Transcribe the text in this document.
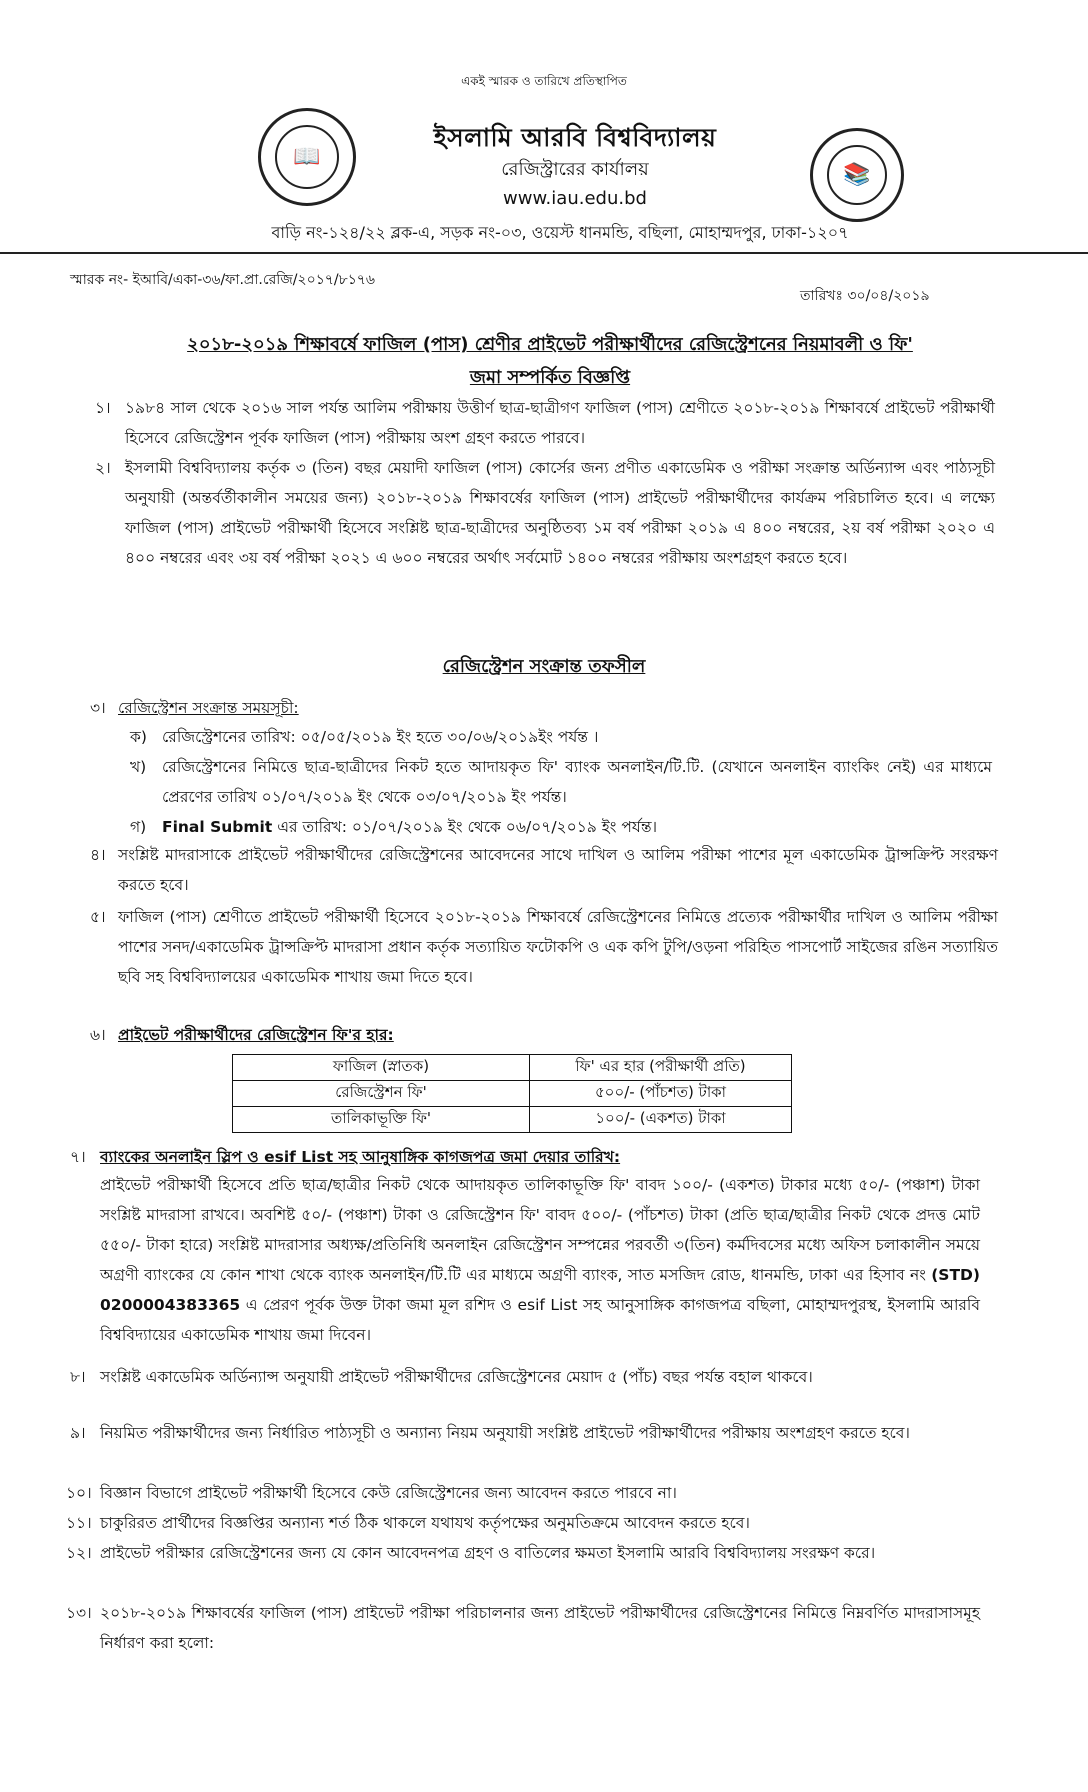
একই স্মারক ও তারিখে প্রতিস্থাপিত
📖
📚
ইসলামি আরবি বিশ্ববিদ্যালয়
রেজিস্ট্রারের কার্যালয়
www.iau.edu.bd
বাড়ি নং-১২৪/২২ ব্লক-এ, সড়ক নং-০৩, ওয়েস্ট ধানমন্ডি, বছিলা, মোহাম্মদপুর, ঢাকা-১২০৭
স্মারক নং- ইআবি/একা-৩৬/ফা.প্রা.রেজি/২০১৭/৮১৭৬
তারিখঃ ৩০/০৪/২০১৯
২০১৮-২০১৯ শিক্ষাবর্ষে ফাজিল (পাস) শ্রেণীর প্রাইভেট পরীক্ষার্থীদের রেজিস্ট্রেশনের নিয়মাবলী ও ফি'
জমা সম্পর্কিত বিজ্ঞপ্তি
১। ১৯৮৪ সাল থেকে ২০১৬ সাল পর্যন্ত আলিম পরীক্ষায় উত্তীর্ণ ছাত্র-ছাত্রীগণ ফাজিল (পাস) শ্রেণীতে ২০১৮-২০১৯ শিক্ষাবর্ষে প্রাইভেট পরীক্ষার্থী হিসেবে রেজিস্ট্রেশন পূর্বক ফাজিল (পাস) পরীক্ষায় অংশ গ্রহণ করতে পারবে।
২। ইসলামী বিশ্ববিদ্যালয় কর্তৃক ৩ (তিন) বছর মেয়াদী ফাজিল (পাস) কোর্সের জন্য প্রণীত একাডেমিক ও পরীক্ষা সংক্রান্ত অর্ডিন্যান্স এবং পাঠ্যসূচী অনুযায়ী (অন্তর্বর্তীকালীন সময়ের জন্য) ২০১৮-২০১৯ শিক্ষাবর্ষের ফাজিল (পাস) প্রাইভেট পরীক্ষার্থীদের কার্যক্রম পরিচালিত হবে। এ লক্ষ্যে ফাজিল (পাস) প্রাইভেট পরীক্ষার্থী হিসেবে সংশ্লিষ্ট ছাত্র-ছাত্রীদের অনুষ্ঠিতব্য ১ম বর্ষ পরীক্ষা ২০১৯ এ ৪০০ নম্বরের, ২য় বর্ষ পরীক্ষা ২০২০ এ ৪০০ নম্বরের এবং ৩য় বর্ষ পরীক্ষা ২০২১ এ ৬০০ নম্বরের অর্থাৎ সর্বমোট ১৪০০ নম্বরের পরীক্ষায় অংশগ্রহণ করতে হবে।
রেজিস্ট্রেশন সংক্রান্ত তফসীল
৩। রেজিস্ট্রেশন সংক্রান্ত সময়সূচী:
ক) রেজিস্ট্রেশনের তারিখ: ০৫/০৫/২০১৯ ইং হতে ৩০/০৬/২০১৯ইং পর্যন্ত ।
খ) রেজিস্ট্রেশনের নিমিত্তে ছাত্র-ছাত্রীদের নিকট হতে আদায়কৃত ফি' ব্যাংক অনলাইন/টি.টি. (যেখানে অনলাইন ব্যাংকিং নেই) এর মাধ্যমে প্রেরণের তারিখ ০১/০৭/২০১৯ ইং থেকে ০৩/০৭/২০১৯ ইং পর্যন্ত।
গ) Final Submit এর তারিখ: ০১/০৭/২০১৯ ইং থেকে ০৬/০৭/২০১৯ ইং পর্যন্ত।
৪। সংশ্লিষ্ট মাদরাসাকে প্রাইভেট পরীক্ষার্থীদের রেজিস্ট্রেশনের আবেদনের সাথে দাখিল ও আলিম পরীক্ষা পাশের মূল একাডেমিক ট্রান্সক্রিপ্ট সংরক্ষণ করতে হবে।
৫। ফাজিল (পাস) শ্রেণীতে প্রাইভেট পরীক্ষার্থী হিসেবে ২০১৮-২০১৯ শিক্ষাবর্ষে রেজিস্ট্রেশনের নিমিত্তে প্রত্যেক পরীক্ষার্থীর দাখিল ও আলিম পরীক্ষা পাশের সনদ/একাডেমিক ট্রান্সক্রিপ্ট মাদরাসা প্রধান কর্তৃক সত্যায়িত ফটোকপি ও এক কপি টুপি/ওড়না পরিহিত পাসপোর্ট সাইজের রঙিন সত্যায়িত ছবি সহ বিশ্ববিদ্যালয়ের একাডেমিক শাখায় জমা দিতে হবে।
৬। প্রাইভেট পরীক্ষার্থীদের রেজিস্ট্রেশন ফি'র হার:
ফাজিল (স্নাতক)	ফি' এর হার (পরীক্ষার্থী প্রতি)
রেজিস্ট্রেশন ফি'	৫০০/- (পাঁচশত) টাকা
তালিকাভূক্তি ফি'	১০০/- (একশত) টাকা
৭। ব্যাংকের অনলাইন স্লিপ ও esif List সহ আনুষাঙ্গিক কাগজপত্র জমা দেয়ার তারিখ:
প্রাইভেট পরীক্ষার্থী হিসেবে প্রতি ছাত্র/ছাত্রীর নিকট থেকে আদায়কৃত তালিকাভূক্তি ফি' বাবদ ১০০/- (একশত) টাকার মধ্যে ৫০/- (পঞ্চাশ) টাকা সংশ্লিষ্ট মাদরাসা রাখবে। অবশিষ্ট ৫০/- (পঞ্চাশ) টাকা ও রেজিস্ট্রেশন ফি' বাবদ ৫০০/- (পাঁচশত) টাকা (প্রতি ছাত্র/ছাত্রীর নিকট থেকে প্রদত্ত মোট ৫৫০/- টাকা হারে) সংশ্লিষ্ট মাদরাসার অধ্যক্ষ/প্রতিনিধি অনলাইন রেজিস্ট্রেশন সম্পন্নের পরবর্তী ৩(তিন) কর্মদিবসের মধ্যে অফিস চলাকালীন সময়ে অগ্রণী ব্যাংকের যে কোন শাখা থেকে ব্যাংক অনলাইন/টি.টি এর মাধ্যমে অগ্রণী ব্যাংক, সাত মসজিদ রোড, ধানমন্ডি, ঢাকা এর হিসাব নং (STD) 0200004383365 এ প্রেরণ পূর্বক উক্ত টাকা জমা মূল রশিদ ও esif List সহ আনুসাঙ্গিক কাগজপত্র বছিলা, মোহাম্মদপুরস্থ, ইসলামি আরবি বিশ্ববিদ্যায়ের একাডেমিক শাখায় জমা দিবেন।
৮। সংশ্লিষ্ট একাডেমিক অর্ডিন্যান্স অনুযায়ী প্রাইভেট পরীক্ষার্থীদের রেজিস্ট্রেশনের মেয়াদ ৫ (পাঁচ) বছর পর্যন্ত বহাল থাকবে।
৯। নিয়মিত পরীক্ষার্থীদের জন্য নির্ধারিত পাঠ্যসূচী ও অন্যান্য নিয়ম অনুযায়ী সংশ্লিষ্ট প্রাইভেট পরীক্ষার্থীদের পরীক্ষায় অংশগ্রহণ করতে হবে।
১০। বিজ্ঞান বিভাগে প্রাইভেট পরীক্ষার্থী হিসেবে কেউ রেজিস্ট্রেশনের জন্য আবেদন করতে পারবে না।
১১। চাকুরিরত প্রার্থীদের বিজ্ঞপ্তির অন্যান্য শর্ত ঠিক থাকলে যথাযথ কর্তৃপক্ষের অনুমতিক্রমে আবেদন করতে হবে।
১২। প্রাইভেট পরীক্ষার রেজিস্ট্রেশনের জন্য যে কোন আবেদনপত্র গ্রহণ ও বাতিলের ক্ষমতা ইসলামি আরবি বিশ্ববিদ্যালয় সংরক্ষণ করে।
১৩। ২০১৮-২০১৯ শিক্ষাবর্ষের ফাজিল (পাস) প্রাইভেট পরীক্ষা পরিচালনার জন্য প্রাইভেট পরীক্ষার্থীদের রেজিস্ট্রেশনের নিমিত্তে নিম্নবর্ণিত মাদরাসাসমূহ নির্ধারণ করা হলো:
